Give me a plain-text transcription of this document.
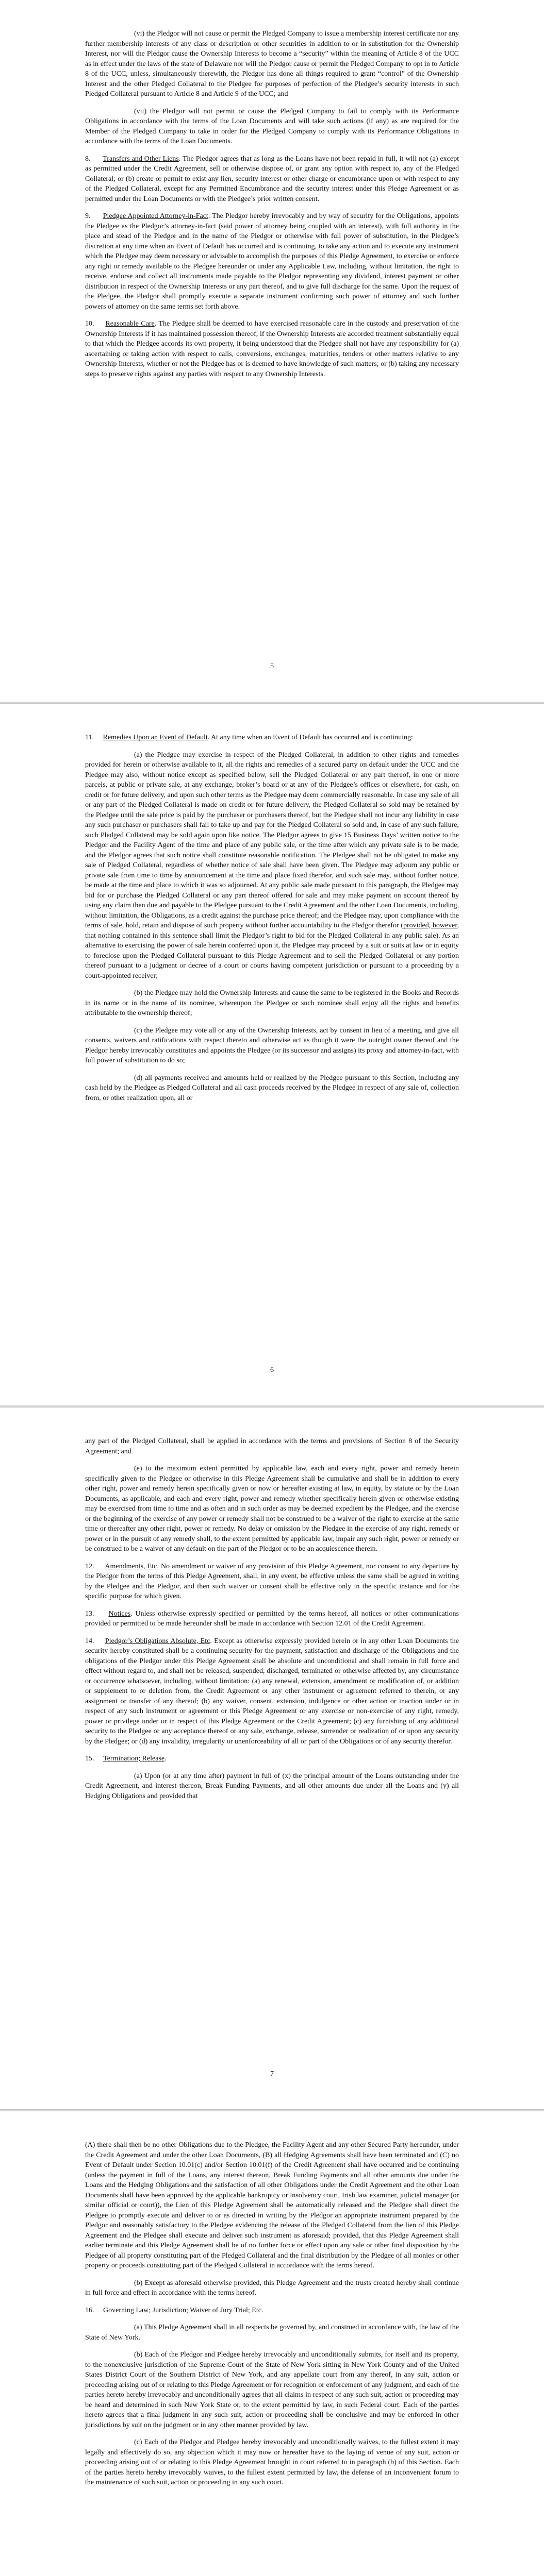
(vi) the Pledgor will not cause or permit the Pledged Company to issue a membership interest certificate nor any further membership interests of any class or description or other securities in addition to or in substitution for the Ownership Interest, nor will the Pledgor cause the Ownership Interests to become a “security” within the meaning of Article 8 of the UCC as in effect under the laws of the state of Delaware nor will the Pledgor cause or permit the Pledged Company to opt in to Article 8 of the UCC, unless, simultaneously therewith, the Pledgor has done all things required to grant “control” of the Ownership Interest and the other Pledged Collateral to the Pledgee for purposes of perfection of the Pledgee’s security interests in such Pledged Collateral pursuant to Article 8 and Article 9 of the UCC; and

(vii) the Pledgor will not permit or cause the Pledged Company to fail to comply with its Performance Obligations in accordance with the terms of the Loan Documents and will take such actions (if any) as are required for the Member of the Pledged Company to take in order for the Pledged Company to comply with its Performance Obligations in accordance with the terms of the Loan Documents.

8. Transfers and Other Liens. The Pledgor agrees that as long as the Loans have not been repaid in full, it will not (a) except as permitted under the Credit Agreement, sell or otherwise dispose of, or grant any option with respect to, any of the Pledged Collateral; or (b) create or permit to exist any lien, security interest or other charge or encumbrance upon or with respect to any of the Pledged Collateral, except for any Permitted Encumbrance and the security interest under this Pledge Agreement or as permitted under the Loan Documents or with the Pledgee’s prior written consent.

9. Pledgee Appointed Attorney-in-Fact. The Pledgor hereby irrevocably and by way of security for the Obligations, appoints the Pledgee as the Pledgor’s attorney-in-fact (said power of attorney being coupled with an interest), with full authority in the place and stead of the Pledgor and in the name of the Pledgor or otherwise with full power of substitution, in the Pledgee’s discretion at any time when an Event of Default has occurred and is continuing, to take any action and to execute any instrument which the Pledgee may deem necessary or advisable to accomplish the purposes of this Pledge Agreement, to exercise or enforce any right or remedy available to the Pledgee hereunder or under any Applicable Law, including, without limitation, the right to receive, endorse and collect all instruments made payable to the Pledgor representing any dividend, interest payment or other distribution in respect of the Ownership Interests or any part thereof, and to give full discharge for the same. Upon the request of the Pledgee, the Pledgor shall promptly execute a separate instrument confirming such power of attorney and such further powers of attorney on the same terms set forth above.

10. Reasonable Care. The Pledgee shall be deemed to have exercised reasonable care in the custody and preservation of the Ownership Interests if it has maintained possession thereof, if the Ownership Interests are accorded treatment substantially equal to that which the Pledgee accords its own property, it being understood that the Pledgee shall not have any responsibility for (a) ascertaining or taking action with respect to calls, conversions, exchanges, maturities, tenders or other matters relative to any Ownership Interests, whether or not the Pledgee has or is deemed to have knowledge of such matters; or (b) taking any necessary steps to preserve rights against any parties with respect to any Ownership Interests.

5

11. Remedies Upon an Event of Default. At any time when an Event of Default has occurred and is continuing:

(a) the Pledgee may exercise in respect of the Pledged Collateral, in addition to other rights and remedies provided for herein or otherwise available to it, all the rights and remedies of a secured party on default under the UCC and the Pledgee may also, without notice except as specified below, sell the Pledged Collateral or any part thereof, in one or more parcels, at public or private sale, at any exchange, broker’s board or at any of the Pledgee’s offices or elsewhere, for cash, on credit or for future delivery, and upon such other terms as the Pledgee may deem commercially reasonable. In case any sale of all or any part of the Pledged Collateral is made on credit or for future delivery, the Pledged Collateral so sold may be retained by the Pledgee until the sale price is paid by the purchaser or purchasers thereof, but the Pledgee shall not incur any liability in case any such purchaser or purchasers shall fail to take up and pay for the Pledged Collateral so sold and, in case of any such failure, such Pledged Collateral may be sold again upon like notice. The Pledgor agrees to give 15 Business Days’ written notice to the Pledgor and the Facility Agent of the time and place of any public sale, or the time after which any private sale is to be made, and the Pledgor agrees that such notice shall constitute reasonable notification. The Pledgee shall not be obligated to make any sale of Pledged Collateral, regardless of whether notice of sale shall have been given. The Pledgee may adjourn any public or private sale from time to time by announcement at the time and place fixed therefor, and such sale may, without further notice, be made at the time and place to which it was so adjourned. At any public sale made pursuant to this paragraph, the Pledgee may bid for or purchase the Pledged Collateral or any part thereof offered for sale and may make payment on account thereof by using any claim then due and payable to the Pledgee pursuant to the Credit Agreement and the other Loan Documents, including, without limitation, the Obligations, as a credit against the purchase price thereof; and the Pledgee may, upon compliance with the terms of sale, hold, retain and dispose of such property without further accountability to the Pledgor therefor (provided, however, that nothing contained in this sentence shall limit the Pledgor’s right to bid for the Pledged Collateral in any public sale). As an alternative to exercising the power of sale herein conferred upon it, the Pledgee may proceed by a suit or suits at law or in equity to foreclose upon the Pledged Collateral pursuant to this Pledge Agreement and to sell the Pledged Collateral or any portion thereof pursuant to a judgment or decree of a court or courts having competent jurisdiction or pursuant to a proceeding by a court-appointed receiver;

(b) the Pledgee may hold the Ownership Interests and cause the same to be registered in the Books and Records in its name or in the name of its nominee, whereupon the Pledgee or such nominee shall enjoy all the rights and benefits attributable to the ownership thereof;

(c) the Pledgee may vote all or any of the Ownership Interests, act by consent in lieu of a meeting, and give all consents, waivers and ratifications with respect thereto and otherwise act as though it were the outright owner thereof and the Pledgor hereby irrevocably constitutes and appoints the Pledgee (or its successor and assigns) its proxy and attorney-in-fact, with full power of substitution to do so;

(d) all payments received and amounts held or realized by the Pledgee pursuant to this Section, including any cash held by the Pledgee as Pledged Collateral and all cash proceeds received by the Pledgee in respect of any sale of, collection from, or other realization upon, all or

6

any part of the Pledged Collateral, shall be applied in accordance with the terms and provisions of Section 8 of the Security Agreement; and

(e) to the maximum extent permitted by applicable law, each and every right, power and remedy herein specifically given to the Pledgee or otherwise in this Pledge Agreement shall be cumulative and shall be in addition to every other right, power and remedy herein specifically given or now or hereafter existing at law, in equity, by statute or by the Loan Documents, as applicable, and each and every right, power and remedy whether specifically herein given or otherwise existing may be exercised from time to time and as often and in such order as may be deemed expedient by the Pledgee, and the exercise or the beginning of the exercise of any power or remedy shall not be construed to be a waiver of the right to exercise at the same time or thereafter any other right, power or remedy. No delay or omission by the Pledgee in the exercise of any right, remedy or power or in the pursuit of any remedy shall, to the extent permitted by applicable law, impair any such right, power or remedy or be construed to be a waiver of any default on the part of the Pledgor or to be an acquiescence therein.

12. Amendments, Etc. No amendment or waiver of any provision of this Pledge Agreement, nor consent to any departure by the Pledgor from the terms of this Pledge Agreement, shall, in any event, be effective unless the same shall be agreed in writing by the Pledgee and the Pledgor, and then such waiver or consent shall be effective only in the specific instance and for the specific purpose for which given.

13. Notices. Unless otherwise expressly specified or permitted by the terms hereof, all notices or other communications provided or permitted to be made hereunder shall be made in accordance with Section 12.01 of the Credit Agreement.

14. Pledgor’s Obligations Absolute, Etc. Except as otherwise expressly provided herein or in any other Loan Documents the security hereby constituted shall be a continuing security for the payment, satisfaction and discharge of the Obligations and the obligations of the Pledgor under this Pledge Agreement shall be absolute and unconditional and shall remain in full force and effect without regard to, and shall not be released, suspended, discharged, terminated or otherwise affected by, any circumstance or occurrence whatsoever, including, without limitation: (a) any renewal, extension, amendment or modification of, or addition or supplement to or deletion from, the Credit Agreement or any other instrument or agreement referred to therein, or any assignment or transfer of any thereof; (b) any waiver, consent, extension, indulgence or other action or inaction under or in respect of any such instrument or agreement or this Pledge Agreement or any exercise or non-exercise of any right, remedy, power or privilege under or in respect of this Pledge Agreement or the Credit Agreement; (c) any furnishing of any additional security to the Pledgee or any acceptance thereof or any sale, exchange, release, surrender or realization of or upon any security by the Pledgee; or (d) any invalidity, irregularity or unenforceability of all or part of the Obligations or of any security therefor.

15. Termination; Release.

(a) Upon (or at any time after) payment in full of (x) the principal amount of the Loans outstanding under the Credit Agreement, and interest thereon, Break Funding Payments, and all other amounts due under all the Loans and (y) all Hedging Obligations and provided that

7

(A) there shall then be no other Obligations due to the Pledgee, the Facility Agent and any other Secured Party hereunder, under the Credit Agreement and under the other Loan Documents, (B) all Hedging Agreements shall have been terminated and (C) no Event of Default under Section 10.01(c) and/or Section 10.01(f) of the Credit Agreement shall have occurred and be continuing (unless the payment in full of the Loans, any interest thereon, Break Funding Payments and all other amounts due under the Loans and the Hedging Obligations and the satisfaction of all other Obligations under the Credit Agreement and the other Loan Documents shall have been approved by the applicable bankruptcy or insolvency court, Irish law examiner, judicial manager (or similar official or court)), the Lien of this Pledge Agreement shall be automatically released and the Pledgee shall direct the Pledgee to promptly execute and deliver to or as directed in writing by the Pledgor an appropriate instrument prepared by the Pledgor and reasonably satisfactory to the Pledgee evidencing the release of the Pledged Collateral from the lien of this Pledge Agreement and the Pledgee shall execute and deliver such instrument as aforesaid; provided, that this Pledge Agreement shall earlier terminate and this Pledge Agreement shall be of no further force or effect upon any sale or other final disposition by the Pledgee of all property constituting part of the Pledged Collateral and the final distribution by the Pledgee of all monies or other property or proceeds constituting part of the Pledged Collateral in accordance with the terms hereof.

(b) Except as aforesaid otherwise provided, this Pledge Agreement and the trusts created hereby shall continue in full force and effect in accordance with the terms hereof.

16. Governing Law; Jurisdiction; Waiver of Jury Trial; Etc.

(a) This Pledge Agreement shall in all respects be governed by, and construed in accordance with, the law of the State of New York.

(b) Each of the Pledgor and Pledgee hereby irrevocably and unconditionally submits, for itself and its property, to the nonexclusive jurisdiction of the Supreme Court of the State of New York sitting in New York County and of the United States District Court of the Southern District of New York, and any appellate court from any thereof, in any suit, action or proceeding arising out of or relating to this Pledge Agreement or for recognition or enforcement of any judgment, and each of the parties hereto hereby irrevocably and unconditionally agrees that all claims in respect of any such suit, action or proceeding may be heard and determined in such New York State or, to the extent permitted by law, in such Federal court. Each of the parties hereto agrees that a final judgment in any such suit, action or proceeding shall be conclusive and may be enforced in other jurisdictions by suit on the judgment or in any other manner provided by law.

(c) Each of the Pledgor and Pledgee hereby irrevocably and unconditionally waives, to the fullest extent it may legally and effectively do so, any objection which it may now or hereafter have to the laying of venue of any suit, action or proceeding arising out of or relating to this Pledge Agreement brought in court referred to in paragraph (b) of this Section. Each of the parties hereto hereby irrevocably waives, to the fullest extent permitted by law, the defense of an inconvenient forum to the maintenance of such suit, action or proceeding in any such court.
